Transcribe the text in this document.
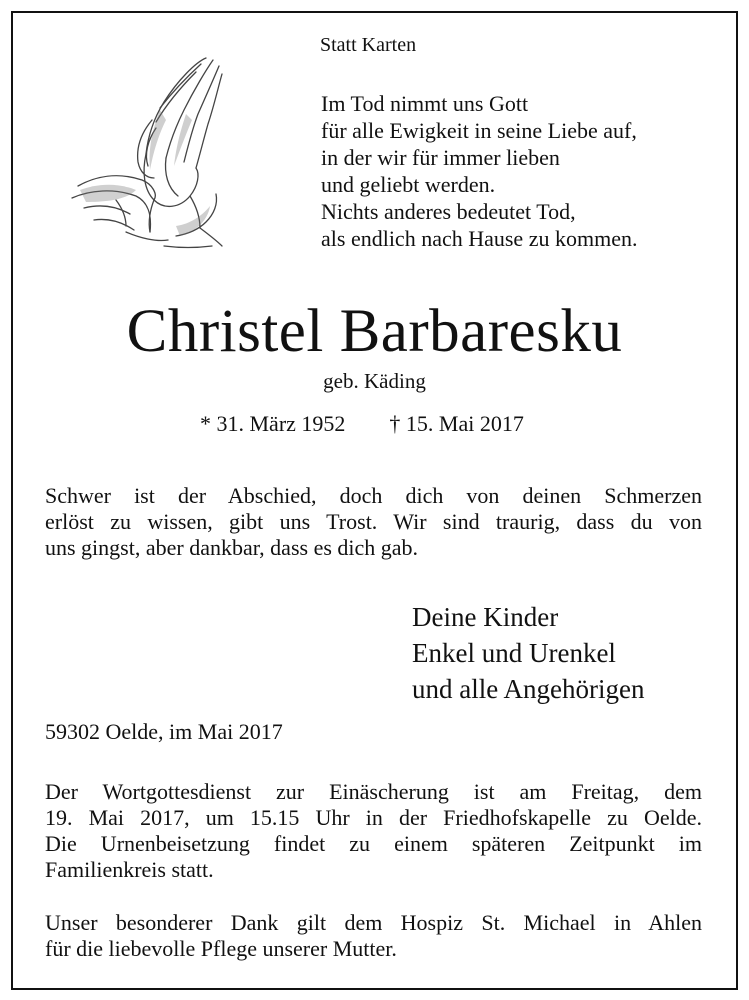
Statt Karten
Im Tod nimmt uns Gott
für alle Ewigkeit in seine Liebe auf,
in der wir für immer lieben
und geliebt werden.
Nichts anderes bedeutet Tod,
als endlich nach Hause zu kommen.
Christel Barbaresku
geb. Käding
* 31. März 1952 † 15. Mai 2017
Schwer ist der Abschied, doch dich von deinen Schmerzen
erlöst zu wissen, gibt uns Trost. Wir sind traurig, dass du von
uns gingst, aber dankbar, dass es dich gab.
Deine Kinder
Enkel und Urenkel
und alle Angehörigen
59302 Oelde, im Mai 2017
Der Wortgottesdienst zur Einäscherung ist am Freitag, dem
19. Mai 2017, um 15.15 Uhr in der Friedhofskapelle zu Oelde.
Die Urnenbeisetzung findet zu einem späteren Zeitpunkt im
Familienkreis statt.
Unser besonderer Dank gilt dem Hospiz St. Michael in Ahlen
für die liebevolle Pflege unserer Mutter.
